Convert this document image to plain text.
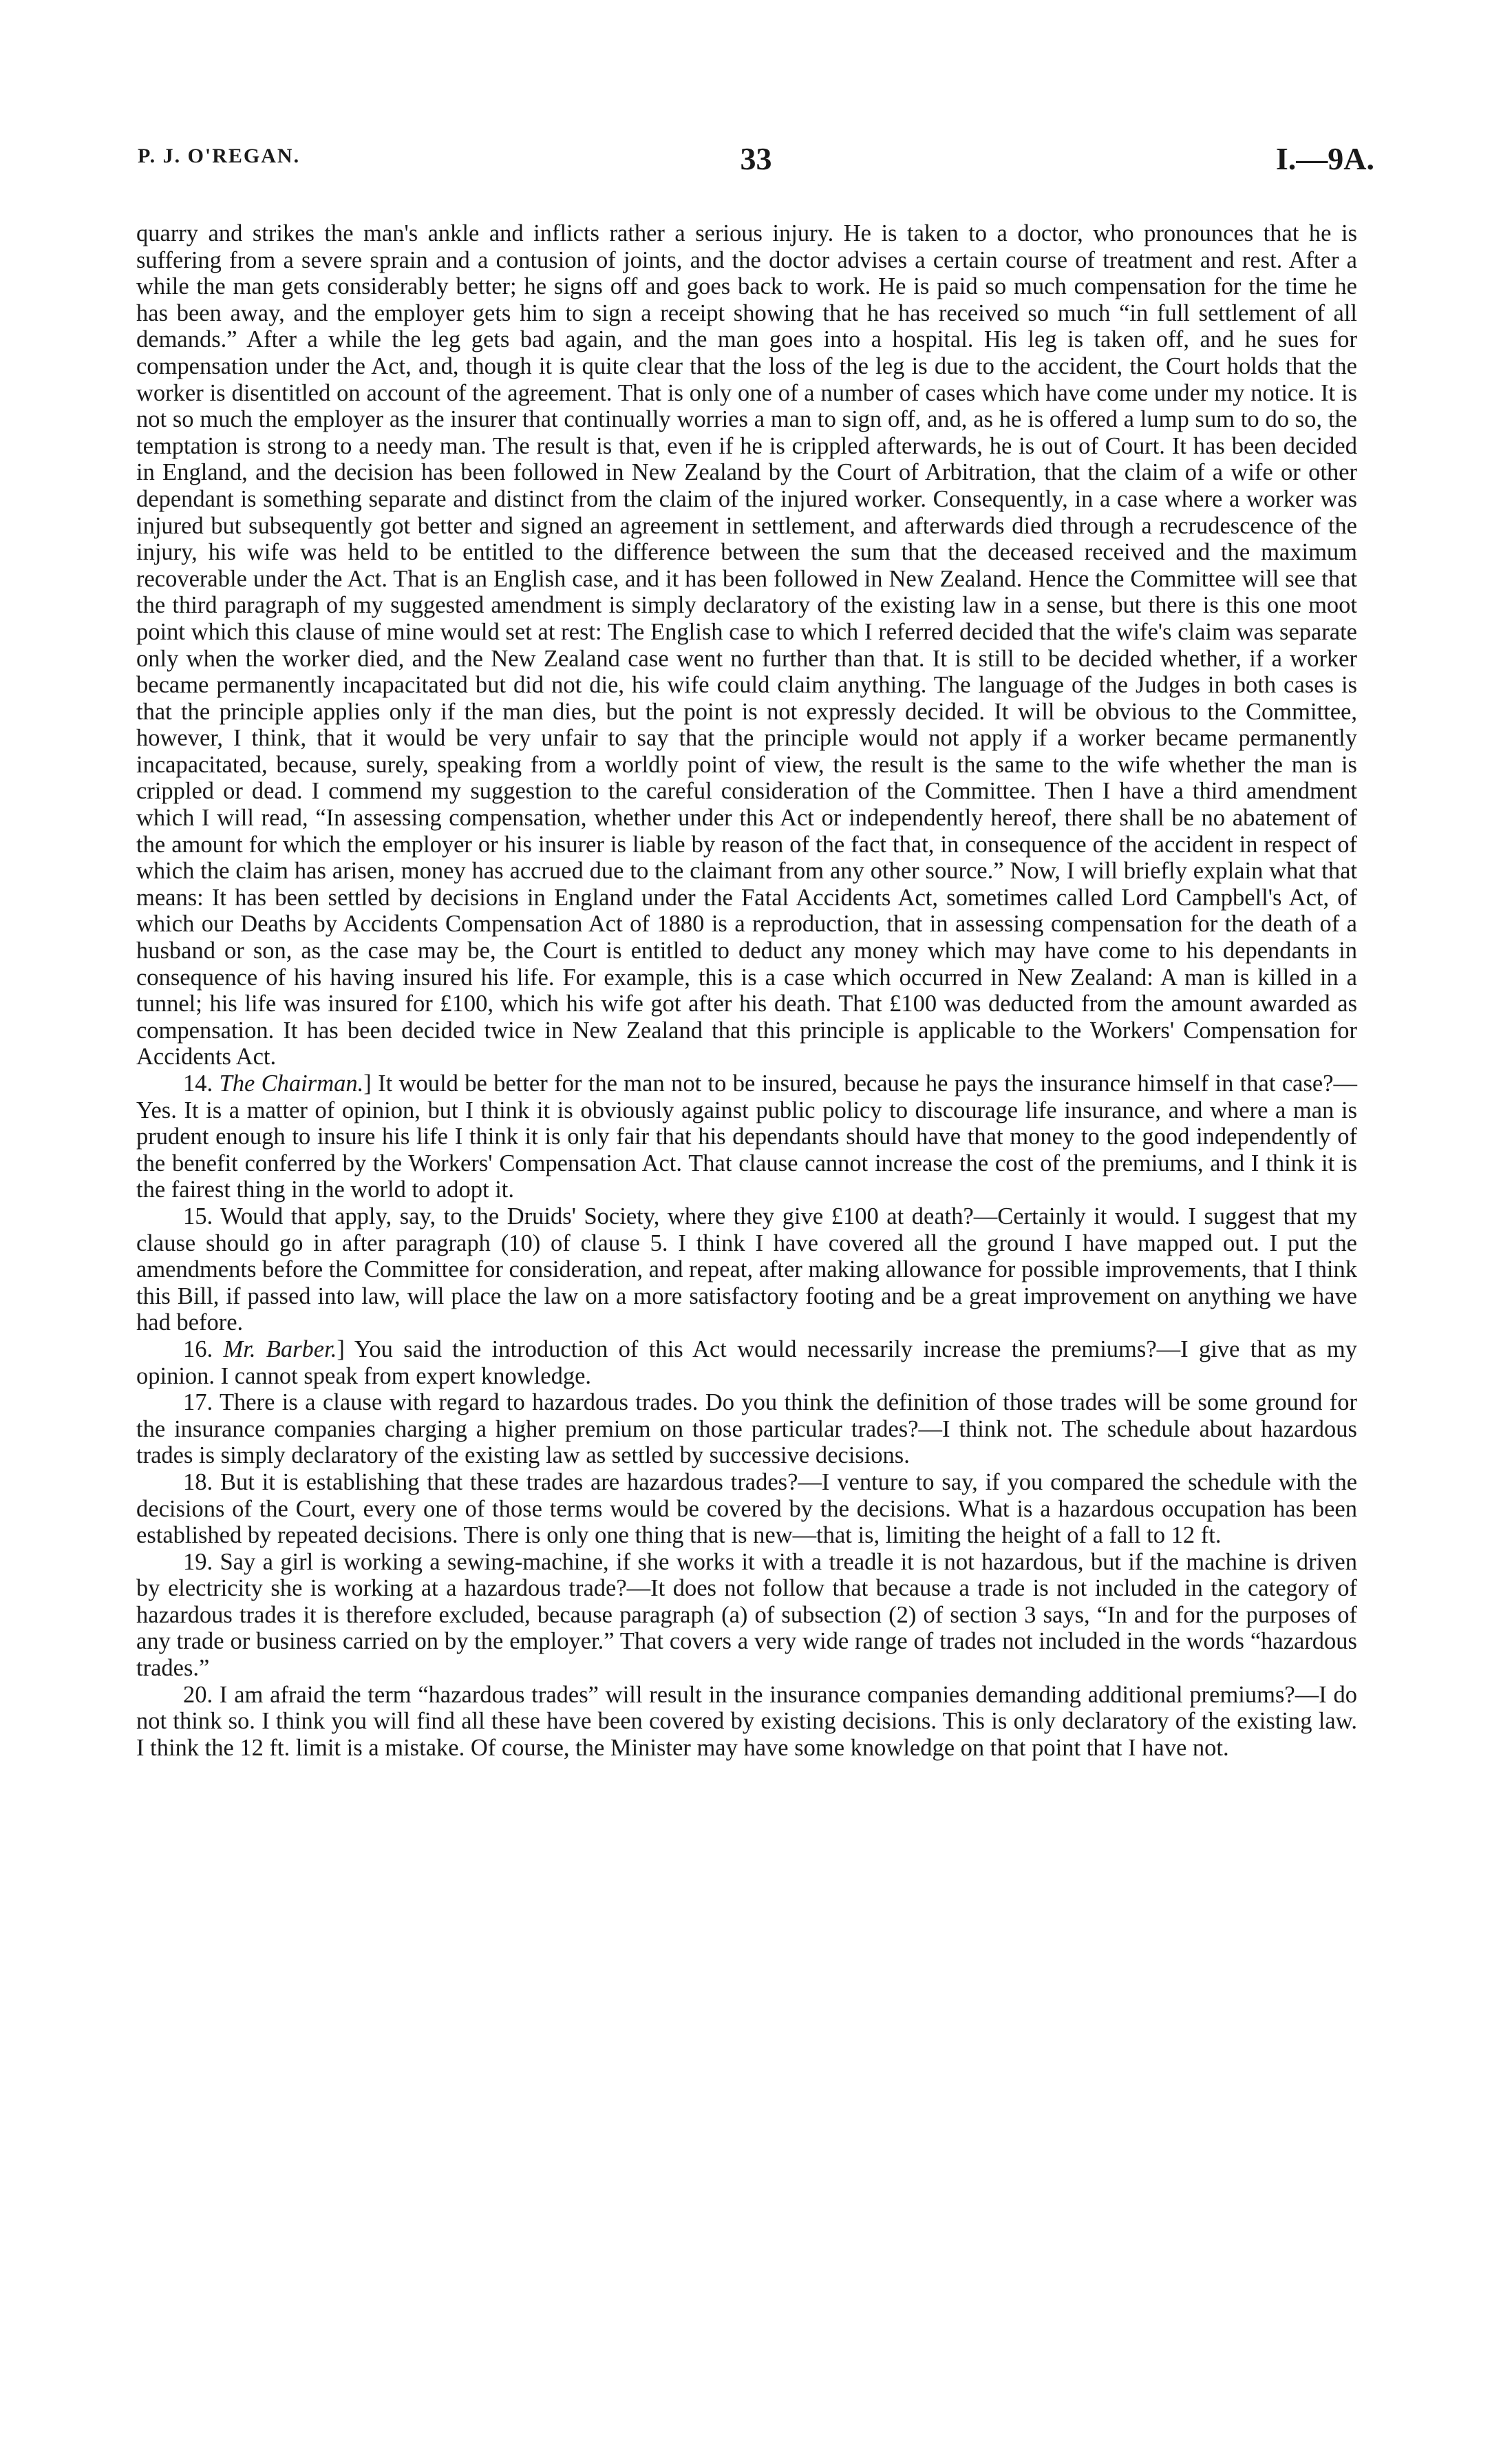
P. J. O'REGAN.	33	I.—9A.

quarry and strikes the man's ankle and inflicts rather a serious injury. He is taken to a doctor, who pronounces that he is suffering from a severe sprain and a contusion of joints, and the doctor advises a certain course of treatment and rest. After a while the man gets considerably better; he signs off and goes back to work. He is paid so much compensation for the time he has been away, and the employer gets him to sign a receipt showing that he has received so much “in full settlement of all demands.” After a while the leg gets bad again, and the man goes into a hospital. His leg is taken off, and he sues for compensation under the Act, and, though it is quite clear that the loss of the leg is due to the accident, the Court holds that the worker is disentitled on account of the agreement. That is only one of a number of cases which have come under my notice. It is not so much the employer as the insurer that continually worries a man to sign off, and, as he is offered a lump sum to do so, the temptation is strong to a needy man. The result is that, even if he is crippled afterwards, he is out of Court. It has been decided in England, and the decision has been followed in New Zealand by the Court of Arbitration, that the claim of a wife or other dependant is something separate and distinct from the claim of the injured worker. Consequently, in a case where a worker was injured but subsequently got better and signed an agreement in settlement, and afterwards died through a recrudescence of the injury, his wife was held to be entitled to the difference between the sum that the deceased received and the maximum recoverable under the Act. That is an English case, and it has been followed in New Zealand. Hence the Committee will see that the third paragraph of my suggested amendment is simply declaratory of the existing law in a sense, but there is this one moot point which this clause of mine would set at rest: The English case to which I referred decided that the wife's claim was separate only when the worker died, and the New Zealand case went no further than that. It is still to be decided whether, if a worker became permanently incapacitated but did not die, his wife could claim anything. The language of the Judges in both cases is that the principle applies only if the man dies, but the point is not expressly decided. It will be obvious to the Committee, however, I think, that it would be very unfair to say that the principle would not apply if a worker became permanently incapacitated, because, surely, speaking from a worldly point of view, the result is the same to the wife whether the man is crippled or dead. I commend my suggestion to the careful consideration of the Committee. Then I have a third amendment which I will read, “In assessing compensation, whether under this Act or independently hereof, there shall be no abatement of the amount for which the employer or his insurer is liable by reason of the fact that, in consequence of the accident in respect of which the claim has arisen, money has accrued due to the claimant from any other source.” Now, I will briefly explain what that means: It has been settled by decisions in England under the Fatal Accidents Act, sometimes called Lord Campbell's Act, of which our Deaths by Accidents Compensation Act of 1880 is a reproduction, that in assessing compensation for the death of a husband or son, as the case may be, the Court is entitled to deduct any money which may have come to his dependants in consequence of his having insured his life. For example, this is a case which occurred in New Zealand: A man is killed in a tunnel; his life was insured for £100, which his wife got after his death. That £100 was deducted from the amount awarded as compensation. It has been decided twice in New Zealand that this principle is applicable to the Workers' Compensation for Accidents Act.

14. The Chairman.] It would be better for the man not to be insured, because he pays the insurance himself in that case?—Yes. It is a matter of opinion, but I think it is obviously against public policy to discourage life insurance, and where a man is prudent enough to insure his life I think it is only fair that his dependants should have that money to the good independently of the benefit conferred by the Workers' Compensation Act. That clause cannot increase the cost of the premiums, and I think it is the fairest thing in the world to adopt it.

15. Would that apply, say, to the Druids' Society, where they give £100 at death?—Certainly it would. I suggest that my clause should go in after paragraph (10) of clause 5. I think I have covered all the ground I have mapped out. I put the amendments before the Committee for consideration, and repeat, after making allowance for possible improvements, that I think this Bill, if passed into law, will place the law on a more satisfactory footing and be a great improvement on anything we have had before.

16. Mr. Barber.] You said the introduction of this Act would necessarily increase the premiums?—I give that as my opinion. I cannot speak from expert knowledge.

17. There is a clause with regard to hazardous trades. Do you think the definition of those trades will be some ground for the insurance companies charging a higher premium on those particular trades?—I think not. The schedule about hazardous trades is simply declaratory of the existing law as settled by successive decisions.

18. But it is establishing that these trades are hazardous trades?—I venture to say, if you compared the schedule with the decisions of the Court, every one of those terms would be covered by the decisions. What is a hazardous occupation has been established by repeated decisions. There is only one thing that is new—that is, limiting the height of a fall to 12 ft.

19. Say a girl is working a sewing-machine, if she works it with a treadle it is not hazardous, but if the machine is driven by electricity she is working at a hazardous trade?—It does not follow that because a trade is not included in the category of hazardous trades it is therefore excluded, because paragraph (a) of subsection (2) of section 3 says, “In and for the purposes of any trade or business carried on by the employer.” That covers a very wide range of trades not included in the words “hazardous trades.”

20. I am afraid the term “hazardous trades” will result in the insurance companies demanding additional premiums?—I do not think so. I think you will find all these have been covered by existing decisions. This is only declaratory of the existing law. I think the 12 ft. limit is a mistake. Of course, the Minister may have some knowledge on that point that I have not.
